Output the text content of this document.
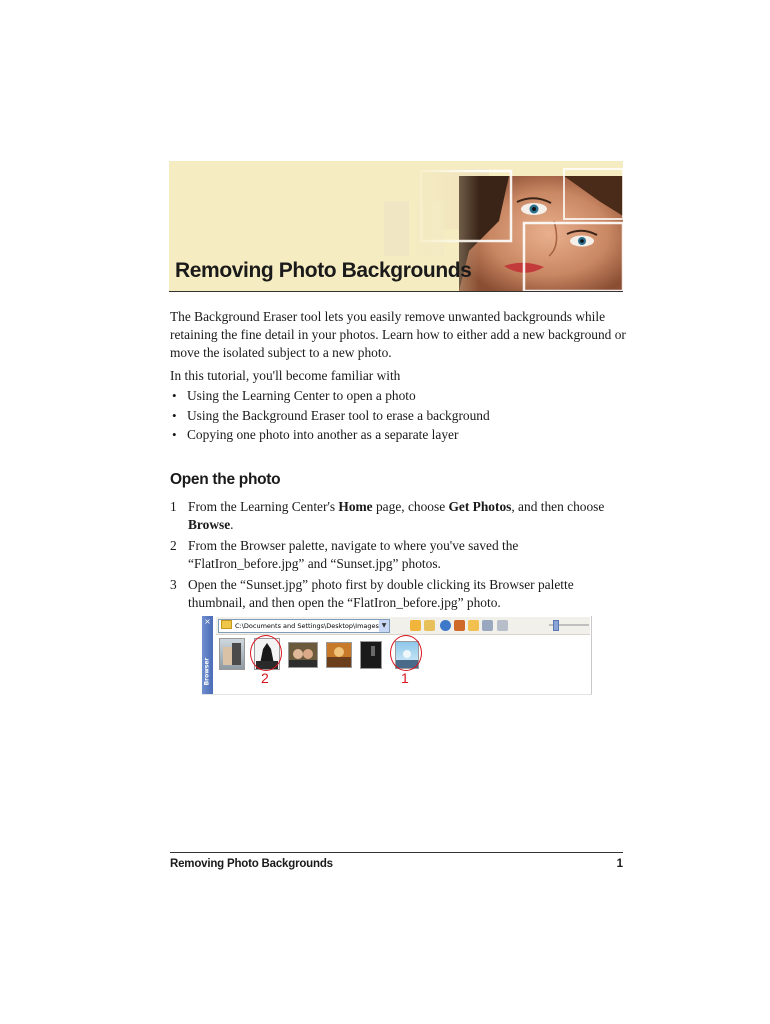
Removing Photo Backgrounds

The Background Eraser tool lets you easily remove unwanted backgrounds while retaining the fine detail in your photos. Learn how to either add a new background or move the isolated subject to a new photo.

In this tutorial, you'll become familiar with

• Using the Learning Center to open a photo
• Using the Background Eraser tool to erase a background
• Copying one photo into another as a separate layer
Open the photo
1 From the Learning Center's Home page, choose Get Photos, and then choose Browse.
2 From the Browser palette, navigate to where you've saved the “FlatIron_before.jpg” and “Sunset.jpg” photos.
3 Open the “Sunset.jpg” photo first by double clicking its Browser palette thumbnail, and then open the “FlatIron_before.jpg” photo.
×
Browser
C:\Documents and Settings\Desktop\Images ▼
2	1
Removing Photo Backgrounds	1
